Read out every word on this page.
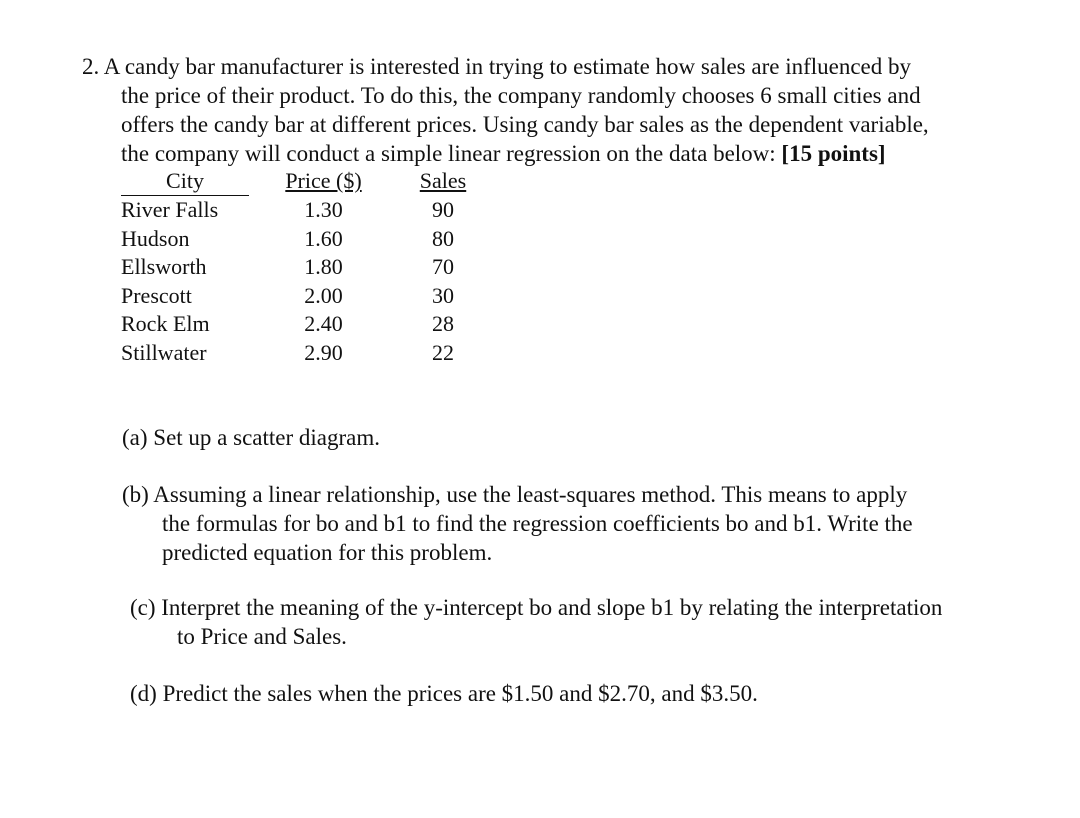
2. A candy bar manufacturer is interested in trying to estimate how sales are influenced by
the price of their product. To do this, the company randomly chooses 6 small cities and
offers the candy bar at different prices. Using candy bar sales as the dependent variable,
the company will conduct a simple linear regression on the data below: [15 points]
City	Price ($)	Sales
River Falls	1.30	90
Hudson	1.60	80
Ellsworth	1.80	70
Prescott	2.00	30
Rock Elm	2.40	28
Stillwater	2.90	22
(a) Set up a scatter diagram.
(b) Assuming a linear relationship, use the least-squares method. This means to apply
the formulas for bo and b1 to find the regression coefficients bo and b1. Write the
predicted equation for this problem.
(c) Interpret the meaning of the y-intercept bo and slope b1 by relating the interpretation
to Price and Sales.
(d) Predict the sales when the prices are $1.50 and $2.70, and $3.50.
